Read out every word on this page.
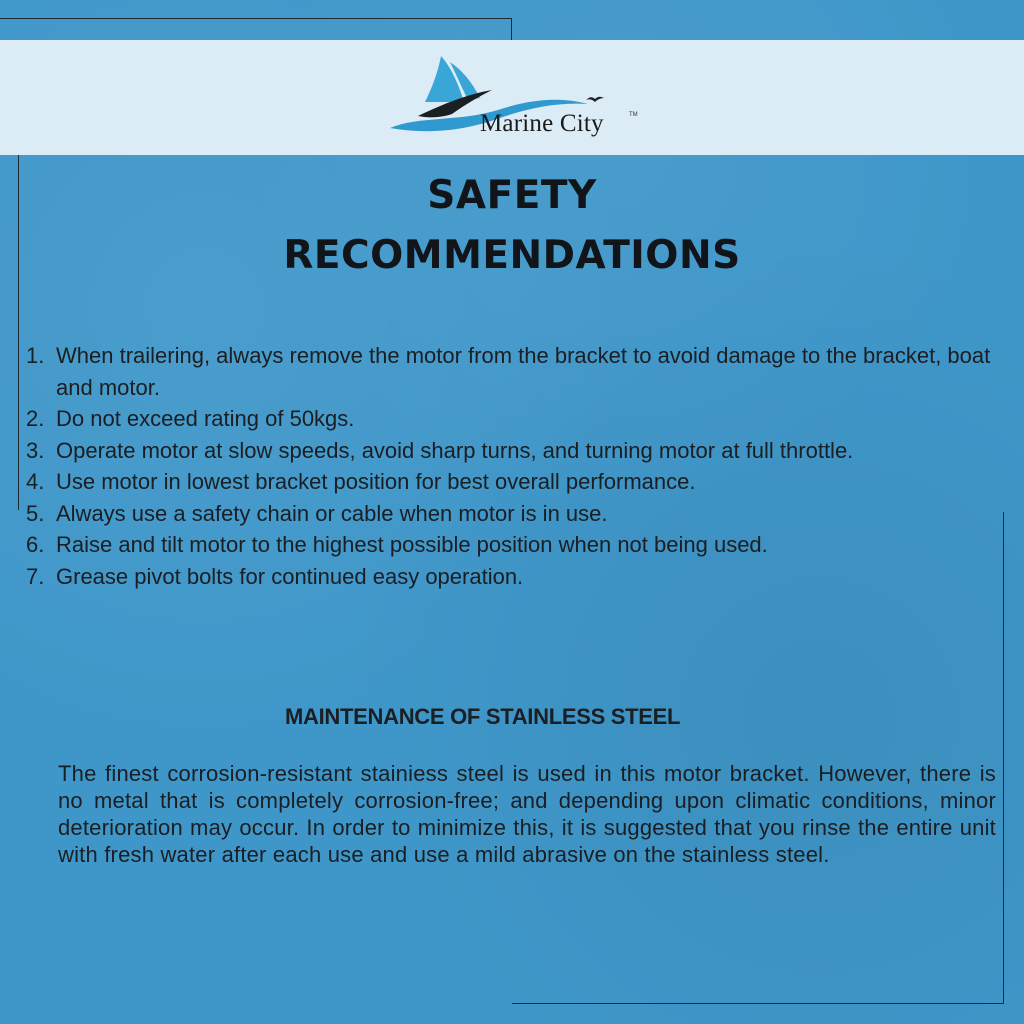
Marine City	TM
SAFETY
RECOMMENDATIONS
1. When trailering, always remove the motor from the bracket to avoid damage to the bracket, boat and motor.
2. Do not exceed rating of 50kgs.
3. Operate motor at slow speeds, avoid sharp turns, and turning motor at full throttle.
4. Use motor in lowest bracket position for best overall performance.
5. Always use a safety chain or cable when motor is in use.
6. Raise and tilt motor to the highest possible position when not being used.
7. Grease pivot bolts for continued easy operation.
MAINTENANCE OF STAINLESS STEEL

The finest corrosion-resistant stainiess steel is used in this motor bracket. However, there is no metal that is completely corrosion-free; and depending upon climatic conditions, minor deterioration may occur. In order to minimize this, it is suggested that you rinse the entire unit with fresh water after each use and use a mild abrasive on the stainless steel.
